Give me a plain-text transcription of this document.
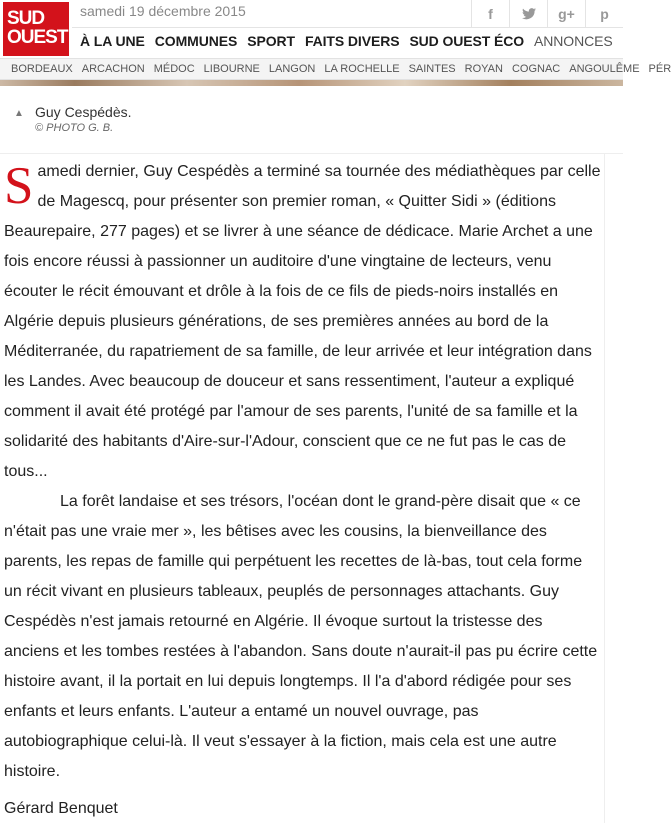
SUD
OUEST
samedi 19 décembre 2015	f	g+	p
À LA UNE COMMUNES SPORT FAITS DIVERS SUD OUEST ÉCO ANNONCES
BORDEAUX ARCACHON MÉDOC LIBOURNE LANGON LA ROCHELLE SAINTES ROYAN COGNAC ANGOULÊME PÉR
▲ Guy Cespédès.
© PHOTO G. B.

Samedi dernier, Guy Cespédès a terminé sa tournée des médiathèques par celle de Magescq, pour présenter son premier roman, « Quitter Sidi » (éditions Beaurepaire, 277 pages) et se livrer à une séance de dédicace. Marie Archet a une fois encore réussi à passionner un auditoire d'une vingtaine de lecteurs, venu écouter le récit émouvant et drôle à la fois de ce fils de pieds-noirs installés en Algérie depuis plusieurs générations, de ses premières années au bord de la Méditerranée, du rapatriement de sa famille, de leur arrivée et leur intégration dans les Landes. Avec beaucoup de douceur et sans ressentiment, l'auteur a expliqué comment il avait été protégé par l'amour de ses parents, l'unité de sa famille et la solidarité des habitants d'Aire-sur-l'Adour, conscient que ce ne fut pas le cas de tous...

La forêt landaise et ses trésors, l'océan dont le grand-père disait que « ce n'était pas une vraie mer », les bêtises avec les cousins, la bienveillance des parents, les repas de famille qui perpétuent les recettes de là-bas, tout cela forme un récit vivant en plusieurs tableaux, peuplés de personnages attachants. Guy Cespédès n'est jamais retourné en Algérie. Il évoque surtout la tristesse des anciens et les tombes restées à l'abandon. Sans doute n'aurait-il pas pu écrire cette histoire avant, il la portait en lui depuis longtemps. Il l'a d'abord rédigée pour ses enfants et leurs enfants. L'auteur a entamé un nouvel ouvrage, pas autobiographique celui-là. Il veut s'essayer à la fiction, mais cela est une autre histoire.

Gérard Benquet
